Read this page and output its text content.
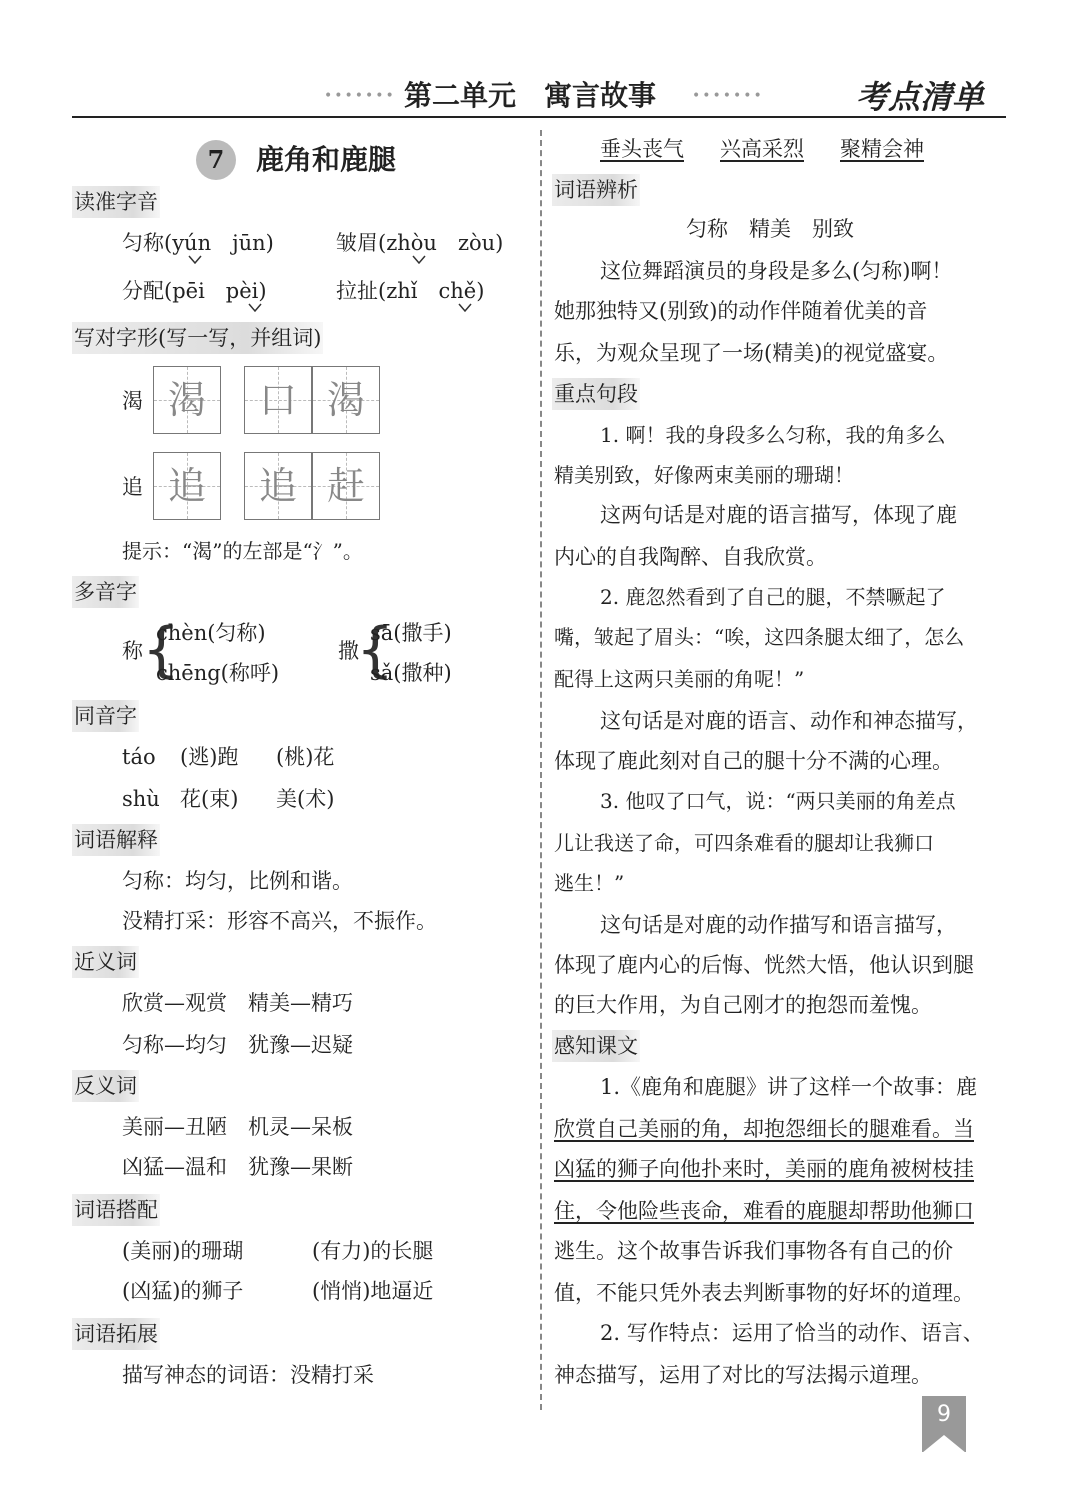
••••••• 第二单元　寓言故事	•••••••	考点清单
7	鹿角和鹿腿
读准字音
匀称(yún　jūn)	皱眉(zhòu　zòu)
分配(pēi　pèi)	拉扯(zhǐ　chě)
写对字形(写一写，并组词)
渴 渴	口 渴
追 追	追 赶
提示：“渴”的左部是“氵”。
多音字
称 {
chèn(匀称)
chēng(称呼)
撒
{
sā(撒手)
sǎ(撒种)
同音字
táo (逃)跑 (桃)花
shù 花(束) 美(术)
词语解释
匀称：均匀，比例和谐。
没精打采：形容不高兴，不振作。
近义词
欣赏—观赏　精美—精巧
匀称—均匀　犹豫—迟疑
反义词
美丽—丑陋　机灵—呆板
凶猛—温和　犹豫—果断
词语搭配
(美丽)的珊瑚	(有力)的长腿
(凶猛)的狮子	(悄悄)地逼近
词语拓展
描写神态的词语：没精打采
垂头丧气 兴高采烈 聚精会神
词语辨析
匀称　精美　别致
这位舞蹈演员的身段是多么(匀称)啊！
她那独特又(别致)的动作伴随着优美的音
乐，为观众呈现了一场(精美)的视觉盛宴。
重点句段
1. 啊！我的身段多么匀称，我的角多么
精美别致，好像两束美丽的珊瑚！
这两句话是对鹿的语言描写，体现了鹿
内心的自我陶醉、自我欣赏。
2. 鹿忽然看到了自己的腿，不禁噘起了
嘴，皱起了眉头：“唉，这四条腿太细了，怎么
配得上这两只美丽的角呢！”
这句话是对鹿的语言、动作和神态描写，
体现了鹿此刻对自己的腿十分不满的心理。
3. 他叹了口气，说：“两只美丽的角差点
儿让我送了命，可四条难看的腿却让我狮口
逃生！”
这句话是对鹿的动作描写和语言描写，
体现了鹿内心的后悔、恍然大悟，他认识到腿
的巨大作用，为自己刚才的抱怨而羞愧。
感知课文
1.《鹿角和鹿腿》讲了这样一个故事：鹿
欣赏自己美丽的角，却抱怨细长的腿难看。当
凶猛的狮子向他扑来时，美丽的鹿角被树枝挂
住，令他险些丧命，难看的鹿腿却帮助他狮口
逃生。这个故事告诉我们事物各有自己的价
值，不能只凭外表去判断事物的好坏的道理。
2. 写作特点：运用了恰当的动作、语言、
神态描写，运用了对比的写法揭示道理。
9
